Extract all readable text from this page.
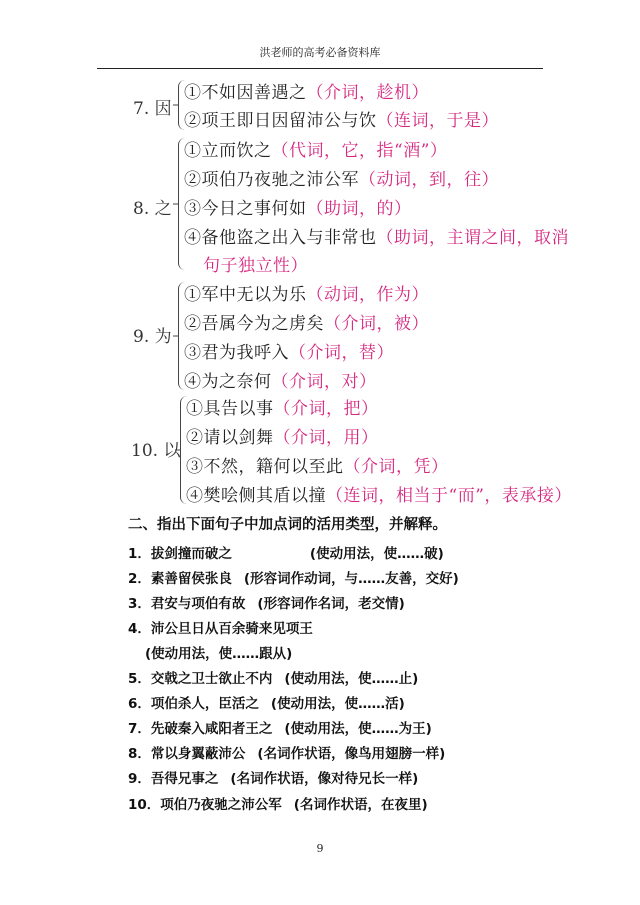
洪老师的高考必备资料库
7. 因
①不如因善遇之（介词，趁机）
②项王即日因留沛公与饮（连词，于是）
8. 之
①立而饮之（代词，它，指“酒”）
②项伯乃夜驰之沛公军（动词，到，往）
③今日之事何如（助词，的）
④备他盗之出入与非常也（助词，主谓之间，取消
句子独立性）
9. 为
①军中无以为乐（动词，作为）
②吾属今为之虏矣（介词，被）
③君为我呼入（介词，替）
④为之奈何（介词，对）
10. 以
①具告以事（介词，把）
②请以剑舞（介词，用）
③不然，籍何以至此（介词，凭）
④樊哙侧其盾以撞（连词，相当于“而”，表承接）
二、指出下面句子中加点词的活用类型，并解释。
1．拔剑撞而破之	(使动用法，使……破)
2．素善留侯张良 (形容词作动词，与……友善，交好)
3．君安与项伯有故 (形容词作名词，老交情)
4．沛公旦日从百余骑来见项王
(使动用法，使……跟从)
5．交戟之卫士欲止不内 (使动用法，使……止)
6．项伯杀人，臣活之 (使动用法，使……活)
7．先破秦入咸阳者王之 (使动用法，使……为王)
8．常以身翼蔽沛公 (名词作状语，像鸟用翅膀一样)
9．吾得兄事之 (名词作状语，像对待兄长一样)
10．项伯乃夜驰之沛公军 (名词作状语，在夜里)
9
